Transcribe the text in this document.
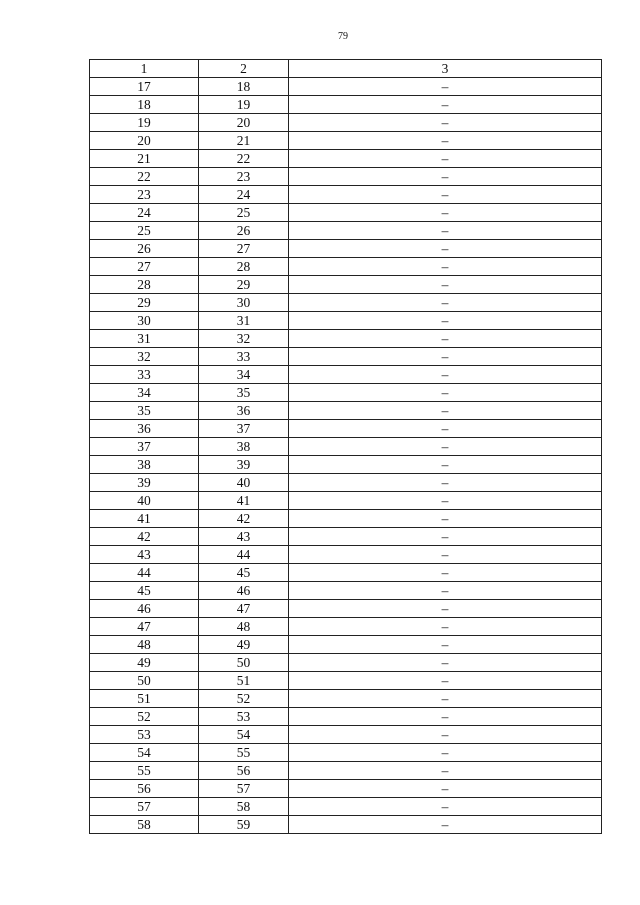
79
1	2	3
17	18	–
18	19	–
19	20	–
20	21	–
21	22	–
22	23	–
23	24	–
24	25	–
25	26	–
26	27	–
27	28	–
28	29	–
29	30	–
30	31	–
31	32	–
32	33	–
33	34	–
34	35	–
35	36	–
36	37	–
37	38	–
38	39	–
39	40	–
40	41	–
41	42	–
42	43	–
43	44	–
44	45	–
45	46	–
46	47	–
47	48	–
48	49	–
49	50	–
50	51	–
51	52	–
52	53	–
53	54	–
54	55	–
55	56	–
56	57	–
57	58	–
58	59	–
